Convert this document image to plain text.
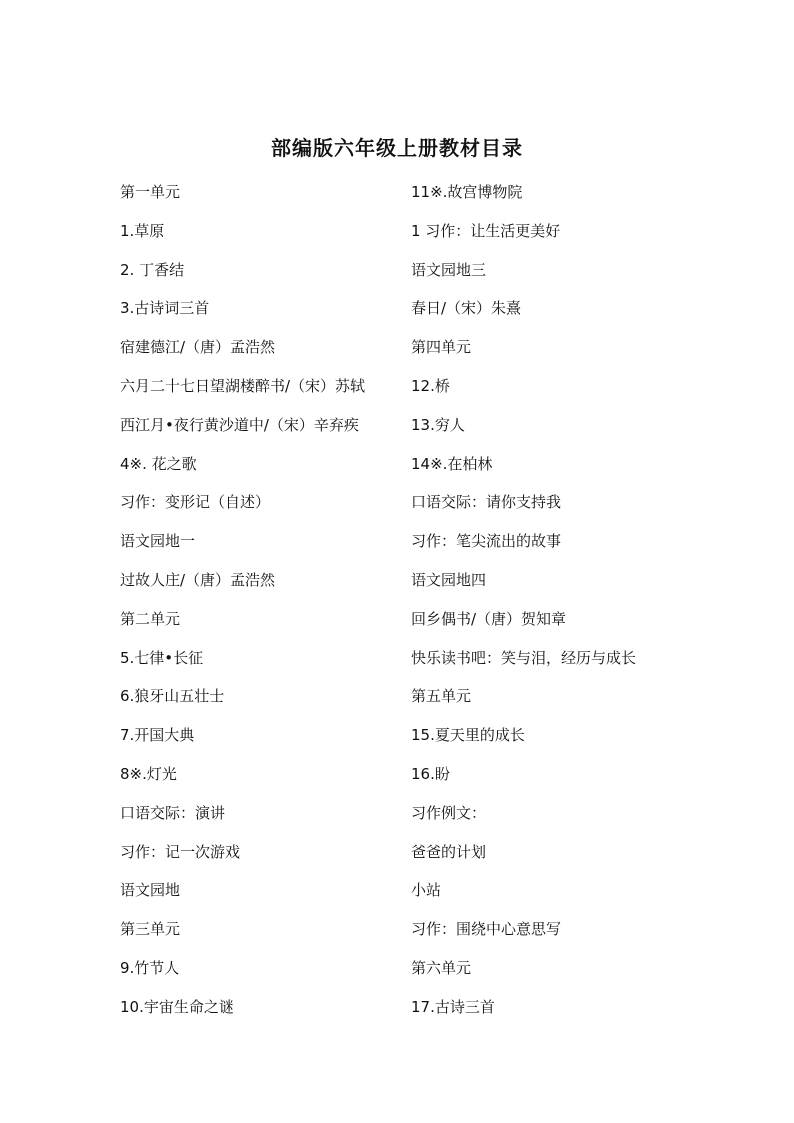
部编版六年级上册教材目录
第一单元
1.草原
2. 丁香结
3.古诗词三首
宿建德江/（唐）孟浩然
六月二十七日望湖楼醉书/（宋）苏轼
西江月•夜行黄沙道中/（宋）辛弃疾
4※. 花之歌
习作：变形记（自述）
语文园地一
过故人庄/（唐）孟浩然
第二单元
5.七律•长征
6.狼牙山五壮士
7.开国大典
8※.灯光
口语交际：演讲
习作：记一次游戏
语文园地
第三单元
9.竹节人
10.宇宙生命之谜
11※.故宫博物院
1 习作：让生活更美好
语文园地三
春日/（宋）朱熹
第四单元
12.桥
13.穷人
14※.在柏林
口语交际：请你支持我
习作：笔尖流出的故事
语文园地四
回乡偶书/（唐）贺知章
快乐读书吧：笑与泪，经历与成长
第五单元
15.夏天里的成长
16.盼
习作例文：
爸爸的计划
小站
习作：围绕中心意思写
第六单元
17.古诗三首
